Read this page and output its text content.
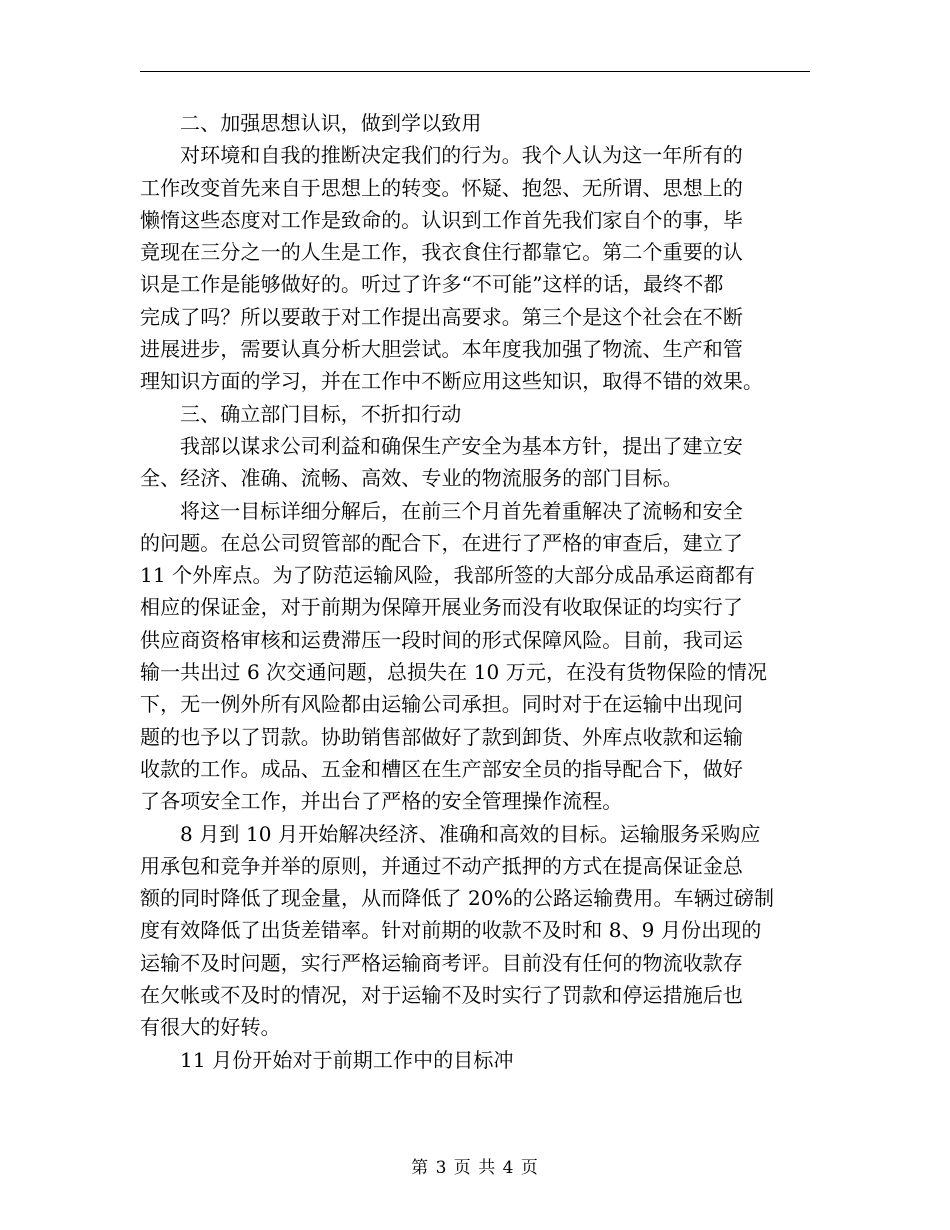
二、加强思想认识，做到学以致用

对环境和自我的推断决定我们的行为。我个人认为这一年所有的
工作改变首先来自于思想上的转变。怀疑、抱怨、无所谓、思想上的
懒惰这些态度对工作是致命的。认识到工作首先我们家自个的事，毕
竟现在三分之一的人生是工作，我衣食住行都靠它。第二个重要的认
识是工作是能够做好的。听过了许多“不可能”这样的话，最终不都
完成了吗？所以要敢于对工作提出高要求。第三个是这个社会在不断
进展进步，需要认真分析大胆尝试。本年度我加强了物流、生产和管
理知识方面的学习，并在工作中不断应用这些知识，取得不错的效果。

三、确立部门目标，不折扣行动

我部以谋求公司利益和确保生产安全为基本方针，提出了建立安
全、经济、准确、流畅、高效、专业的物流服务的部门目标。

将这一目标详细分解后，在前三个月首先着重解决了流畅和安全
的问题。在总公司贸管部的配合下，在进行了严格的审查后，建立了
11 个外库点。为了防范运输风险，我部所签的大部分成品承运商都有
相应的保证金，对于前期为保障开展业务而没有收取保证的均实行了
供应商资格审核和运费滞压一段时间的形式保障风险。目前，我司运
输一共出过 6 次交通问题，总损失在 10 万元，在没有货物保险的情况
下，无一例外所有风险都由运输公司承担。同时对于在运输中出现问
题的也予以了罚款。协助销售部做好了款到卸货、外库点收款和运输
收款的工作。成品、五金和槽区在生产部安全员的指导配合下，做好
了各项安全工作，并出台了严格的安全管理操作流程。

8 月到 10 月开始解决经济、准确和高效的目标。运输服务采购应
用承包和竞争并举的原则，并通过不动产抵押的方式在提高保证金总
额的同时降低了现金量，从而降低了 20%的公路运输费用。车辆过磅制
度有效降低了出货差错率。针对前期的收款不及时和 8、9 月份出现的
运输不及时问题，实行严格运输商考评。目前没有任何的物流收款存
在欠帐或不及时的情况，对于运输不及时实行了罚款和停运措施后也
有很大的好转。

11 月份开始对于前期工作中的目标冲

第 3 页 共 4 页
